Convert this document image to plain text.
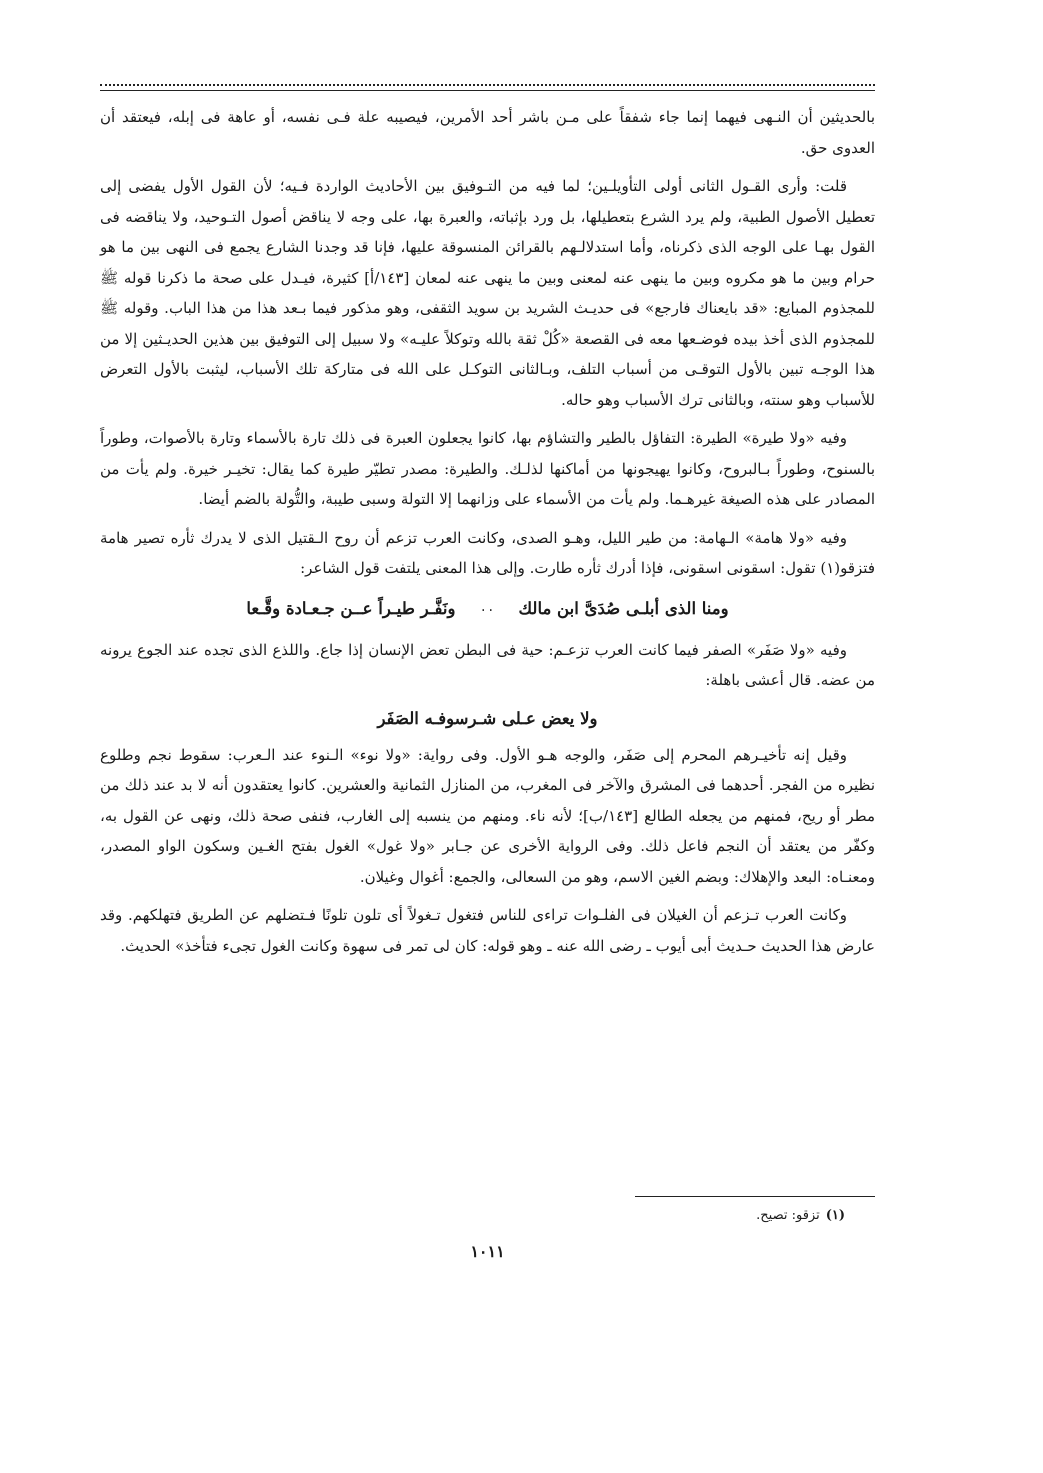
بالحديثين أن النـهى فيهما إنما جاء شفقاً على مـن باشر أحد الأمرين، فيصيبه علة فـى نفسه، أو عاهة فى إبله، فيعتقد أن العدوى حق.

قلت: وأرى القـول الثانى أولى التأويلـين؛ لما فيه من التـوفيق بين الأحاديث الواردة فـيه؛ لأن القول الأول يفضى إلى تعطيل الأصول الطبية، ولم يرد الشرع بتعطيلها، بل ورد بإثباته، والعبرة بها، على وجه لا يناقض أصول التـوحيد، ولا يناقضه فى القول بهـا على الوجه الذى ذكرناه، وأما استدلالـهم بالقرائن المنسوقة عليها، فإنا قد وجدنا الشارع يجمع فى النهى بين ما هو حرام وبين ما هو مكروه وبين ما ينهى عنه لمعنى وبين ما ينهى عنه لمعان [١٤٣/أ] كثيرة، فيـدل على صحة ما ذكرنا قوله ﷺ للمجذوم المبايع: «قد بايعناك فارجع» فى حديـث الشريد بن سويد الثقفى، وهو مذكور فيما بـعد هذا من هذا الباب. وقوله ﷺ للمجذوم الذى أخذ بيده فوضـعها معه فى القصعة «كُلْ ثقة بالله وتوكلاً عليـه» ولا سبيل إلى التوفيق بين هذين الحديـثين إلا من هذا الوجـه تبين بالأول التوقـى من أسباب التلف، وبـالثانى التوكـل على الله فى متاركة تلك الأسباب، ليثبت بالأول التعرض للأسباب وهو سنته، وبالثانى ترك الأسباب وهو حاله.

وفيه «ولا طيرة» الطيرة: التفاؤل بالطير والتشاؤم بها، كانوا يجعلون العبرة فى ذلك تارة بالأسماء وتارة بالأصوات، وطوراً بالسنوح، وطوراً بـالبروح، وكانوا يهيجونها من أماكنها لذلـك. والطيرة: مصدر تطيّر طيرة كما يقال: تخيـر خيرة. ولم يأت من المصادر على هذه الصيغة غيرهـما. ولم يأت من الأسماء على وزانهما إلا التولة وسبى طيبة، والتُّولة بالضم أيضا.

وفيه «ولا هامة» الـهامة: من طير الليل، وهـو الصدى، وكانت العرب تزعم أن روح الـقتيل الذى لا يدرك ثأره تصير هامة فتزقو(١) تقول: اسقونى اسقونى، فإذا أدرك ثأره طارت. وإلى هذا المعنى يلتفت قول الشاعر:

ومنا الذى أبلـى صُدَىَّ ابن مالك
٠٠
ونَفَّـر طيـراً عــن جـعـادة وقَّـعا

وفيه «ولا صَفَر» الصفر فيما كانت العرب تزعـم: حية فى البطن تعض الإنسان إذا جاع. واللذع الذى تجده عند الجوع يرونه من عضه. قال أعشى باهلة:

ولا يعض عـلى شـرسوفـه الصَفَر

وقيل إنه تأخيـرهم المحرم إلى صَفَر، والوجه هـو الأول. وفى رواية: «ولا نوء» الـنوء عند الـعرب: سقوط نجم وطلوع نظيره من الفجر. أحدهما فى المشرق والآخر فى المغرب، من المنازل الثمانية والعشرين. كانوا يعتقدون أنه لا بد عند ذلك من مطر أو ريح، فمنهم من يجعله الطالع [١٤٣/ب]؛ لأنه ناء. ومنهم من ينسبه إلى الغارب، فنفى صحة ذلك، ونهى عن القول به، وكفّر من يعتقد أن النجم فاعل ذلك. وفى الرواية الأخرى عن جـابر «ولا غول» الغول بفتح الغـين وسكون الواو المصدر، ومعنـاه: البعد والإهلاك: وبضم الغين الاسم، وهو من السعالى، والجمع: أغوال وغيلان.

وكانت العرب تـزعم أن الغيلان فى الفلـوات تراءى للناس فتغول تـغولاً أى تلون تلونًا فـتضلهم عن الطريق فتهلكهم. وقد عارض هذا الحديث حـديث أبى أيوب ـ رضى الله عنه ـ وهو قوله: كان لى تمر فى سهوة وكانت الغول تجىء فتأخذ» الحديث.

(١)تزقو: تصيح.
١٠١١
